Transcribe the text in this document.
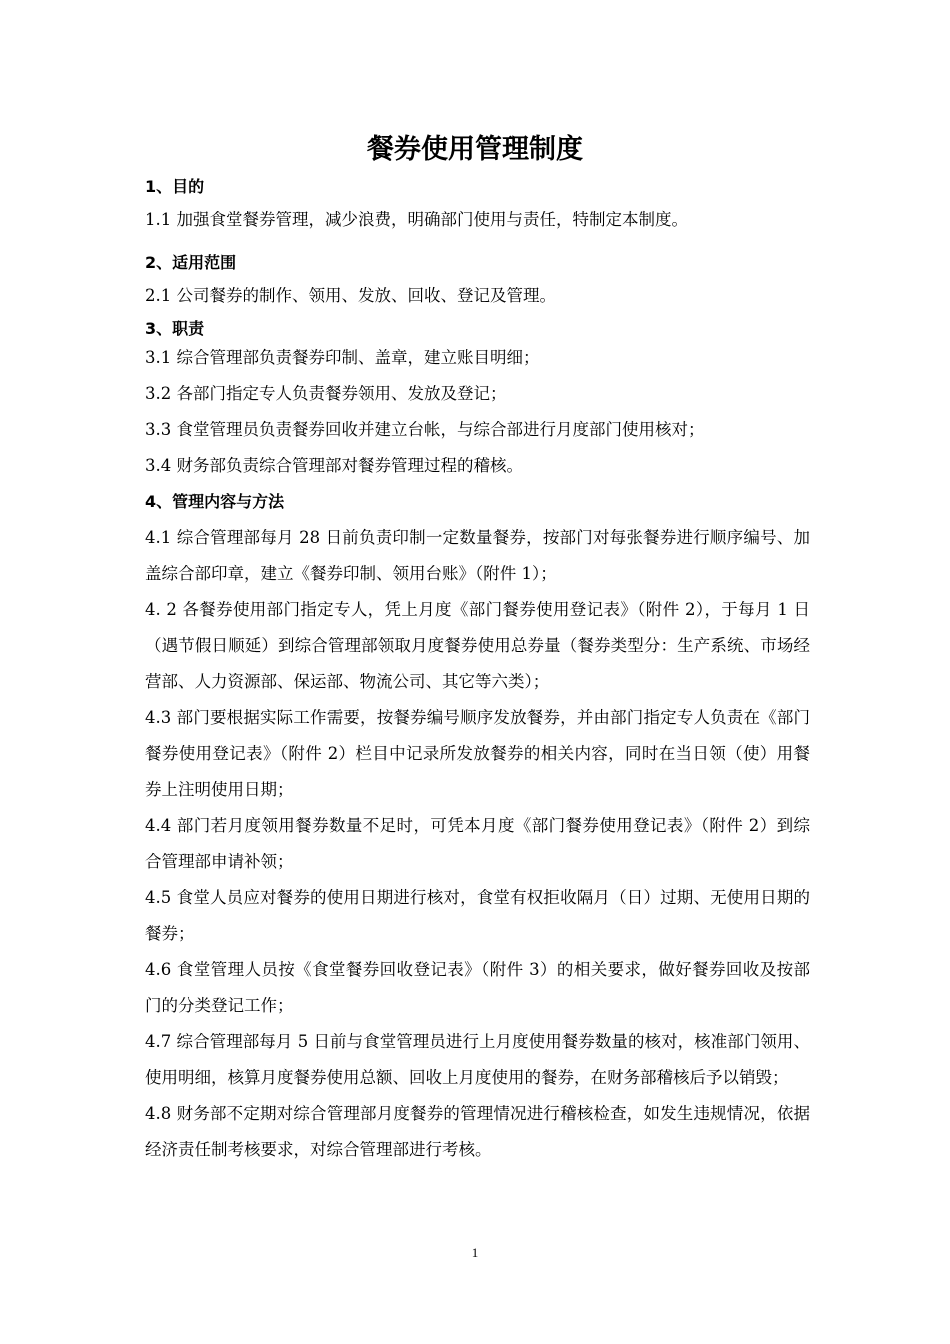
餐券使用管理制度

1、目的

1.1 加强食堂餐券管理，减少浪费，明确部门使用与责任，特制定本制度。

2、适用范围

2.1 公司餐券的制作、领用、发放、回收、登记及管理。

3、职责

3.1 综合管理部负责餐券印制、盖章，建立账目明细；

3.2 各部门指定专人负责餐券领用、发放及登记；

3.3 食堂管理员负责餐券回收并建立台帐，与综合部进行月度部门使用核对；

3.4 财务部负责综合管理部对餐券管理过程的稽核。

4、管理内容与方法

4.1 综合管理部每月 28 日前负责印制一定数量餐券，按部门对每张餐券进行顺序编号、加盖综合部印章，建立《餐券印制、领用台账》（附件 1）；

4. 2 各餐券使用部门指定专人，凭上月度《部门餐券使用登记表》（附件 2），于每月 1 日（遇节假日顺延）到综合管理部领取月度餐券使用总券量（餐券类型分：生产系统、市场经营部、人力资源部、保运部、物流公司、其它等六类）；

4.3 部门要根据实际工作需要，按餐券编号顺序发放餐券，并由部门指定专人负责在《部门餐券使用登记表》（附件 2）栏目中记录所发放餐券的相关内容，同时在当日领（使）用餐券上注明使用日期；

4.4 部门若月度领用餐券数量不足时，可凭本月度《部门餐券使用登记表》（附件 2）到综合管理部申请补领；

4.5 食堂人员应对餐券的使用日期进行核对，食堂有权拒收隔月（日）过期、无使用日期的餐券；

4.6 食堂管理人员按《食堂餐券回收登记表》（附件 3）的相关要求，做好餐券回收及按部门的分类登记工作；

4.7 综合管理部每月 5 日前与食堂管理员进行上月度使用餐券数量的核对，核准部门领用、使用明细，核算月度餐券使用总额、回收上月度使用的餐券，在财务部稽核后予以销毁；

4.8 财务部不定期对综合管理部月度餐券的管理情况进行稽核检查，如发生违规情况，依据经济责任制考核要求，对综合管理部进行考核。

1
